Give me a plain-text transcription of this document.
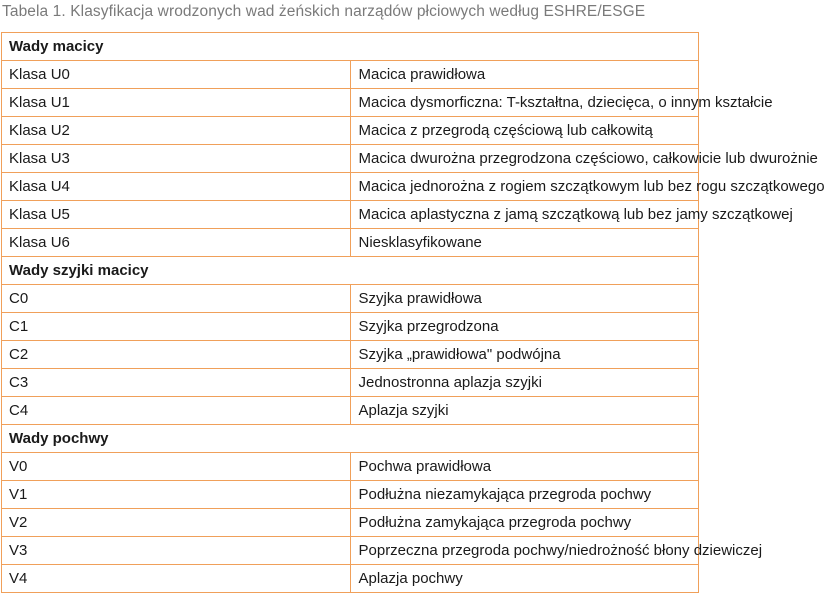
Tabela 1. Klasyfikacja wrodzonych wad żeńskich narządów płciowych według ESHRE/ESGE
Wady macicy	
Klasa U0	Macica prawidłowa
Klasa U1	Macica dysmorficzna: T-kształtna, dziecięca, o innym kształcie
Klasa U2	Macica z przegrodą częściową lub całkowitą
Klasa U3	Macica dwurożna przegrodzona częściowo, całkowicie lub dwurożnie
Klasa U4	Macica jednorożna z rogiem szczątkowym lub bez rogu szczątkowego
Klasa U5	Macica aplastyczna z jamą szczątkową lub bez jamy szczątkowej
Klasa U6	Niesklasyfikowane
Wady szyjki macicy	
C0	Szyjka prawidłowa
C1	Szyjka przegrodzona
C2	Szyjka „prawidłowa" podwójna
C3	Jednostronna aplazja szyjki
C4	Aplazja szyjki
Wady pochwy	
V0	Pochwa prawidłowa
V1	Podłużna niezamykająca przegroda pochwy
V2	Podłużna zamykająca przegroda pochwy
V3	Poprzeczna przegroda pochwy/niedrożność błony dziewiczej
V4	Aplazja pochwy
